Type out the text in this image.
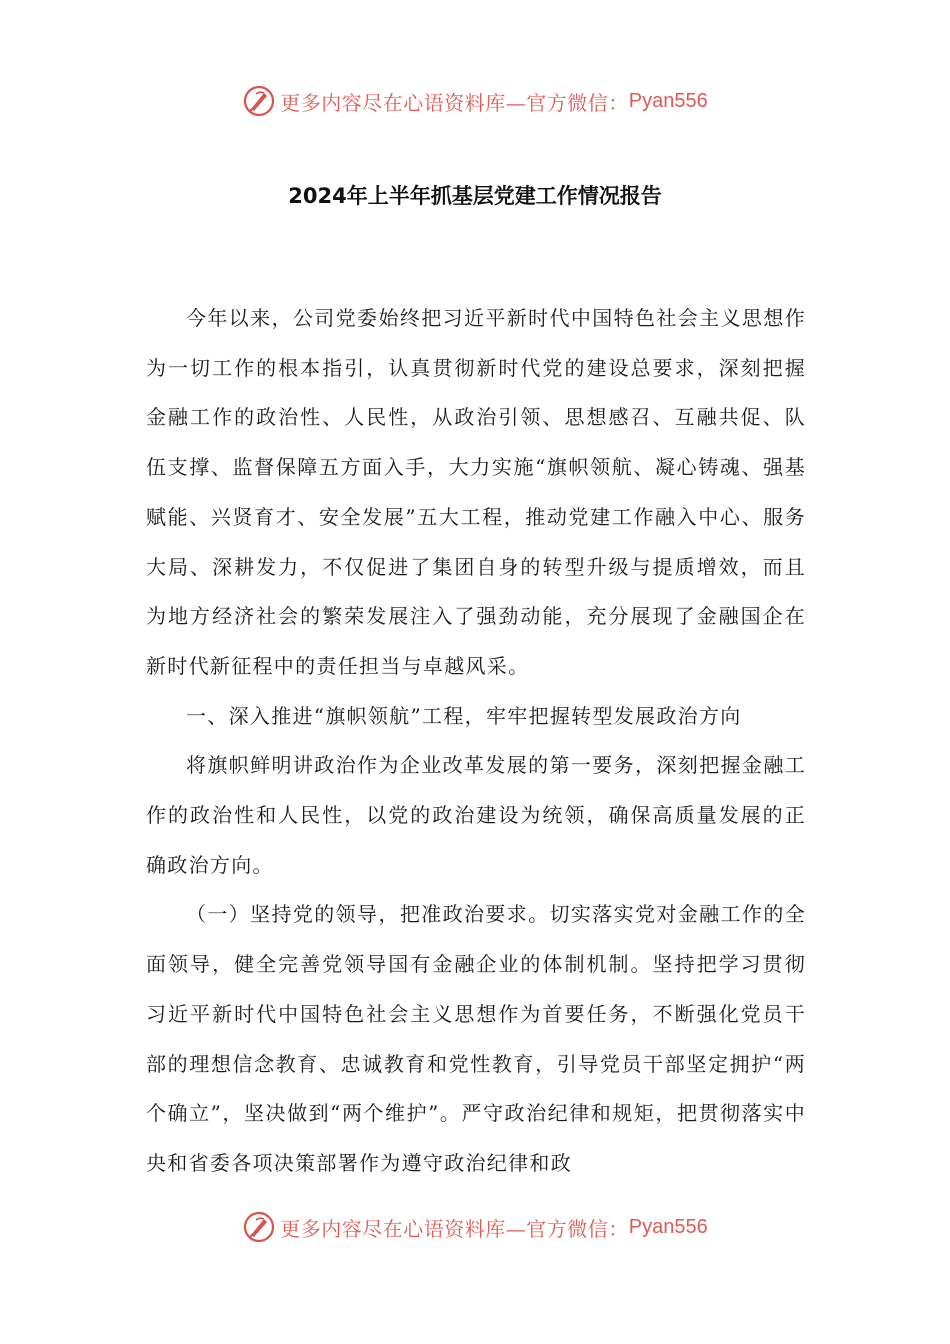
更多内容尽在心语资料库—官方微信： Pyan556
2024年上半年抓基层党建工作情况报告

今年以来，公司党委始终把习近平新时代中国特色社会主义思想作为一切工作的根本指引，认真贯彻新时代党的建设总要求，深刻把握金融工作的政治性、人民性，从政治引领、思想感召、互融共促、队伍支撑、监督保障五方面入手，大力实施“旗帜领航、凝心铸魂、强基赋能、兴贤育才、安全发展”五大工程，推动党建工作融入中心、服务大局、深耕发力，不仅促进了集团自身的转型升级与提质增效，而且为地方经济社会的繁荣发展注入了强劲动能，充分展现了金融国企在新时代新征程中的责任担当与卓越风采。

一、深入推进“旗帜领航”工程，牢牢把握转型发展政治方向

将旗帜鲜明讲政治作为企业改革发展的第一要务，深刻把握金融工作的政治性和人民性，以党的政治建设为统领，确保高质量发展的正确政治方向。

（一）坚持党的领导，把准政治要求。切实落实党对金融工作的全面领导，健全完善党领导国有金融企业的体制机制。坚持把学习贯彻习近平新时代中国特色社会主义思想作为首要任务，不断强化党员干部的理想信念教育、忠诚教育和党性教育，引导党员干部坚定拥护“两个确立”，坚决做到“两个维护”。严守政治纪律和规矩，把贯彻落实中央和省委各项决策部署作为遵守政治纪律和政

更多内容尽在心语资料库—官方微信： Pyan556
